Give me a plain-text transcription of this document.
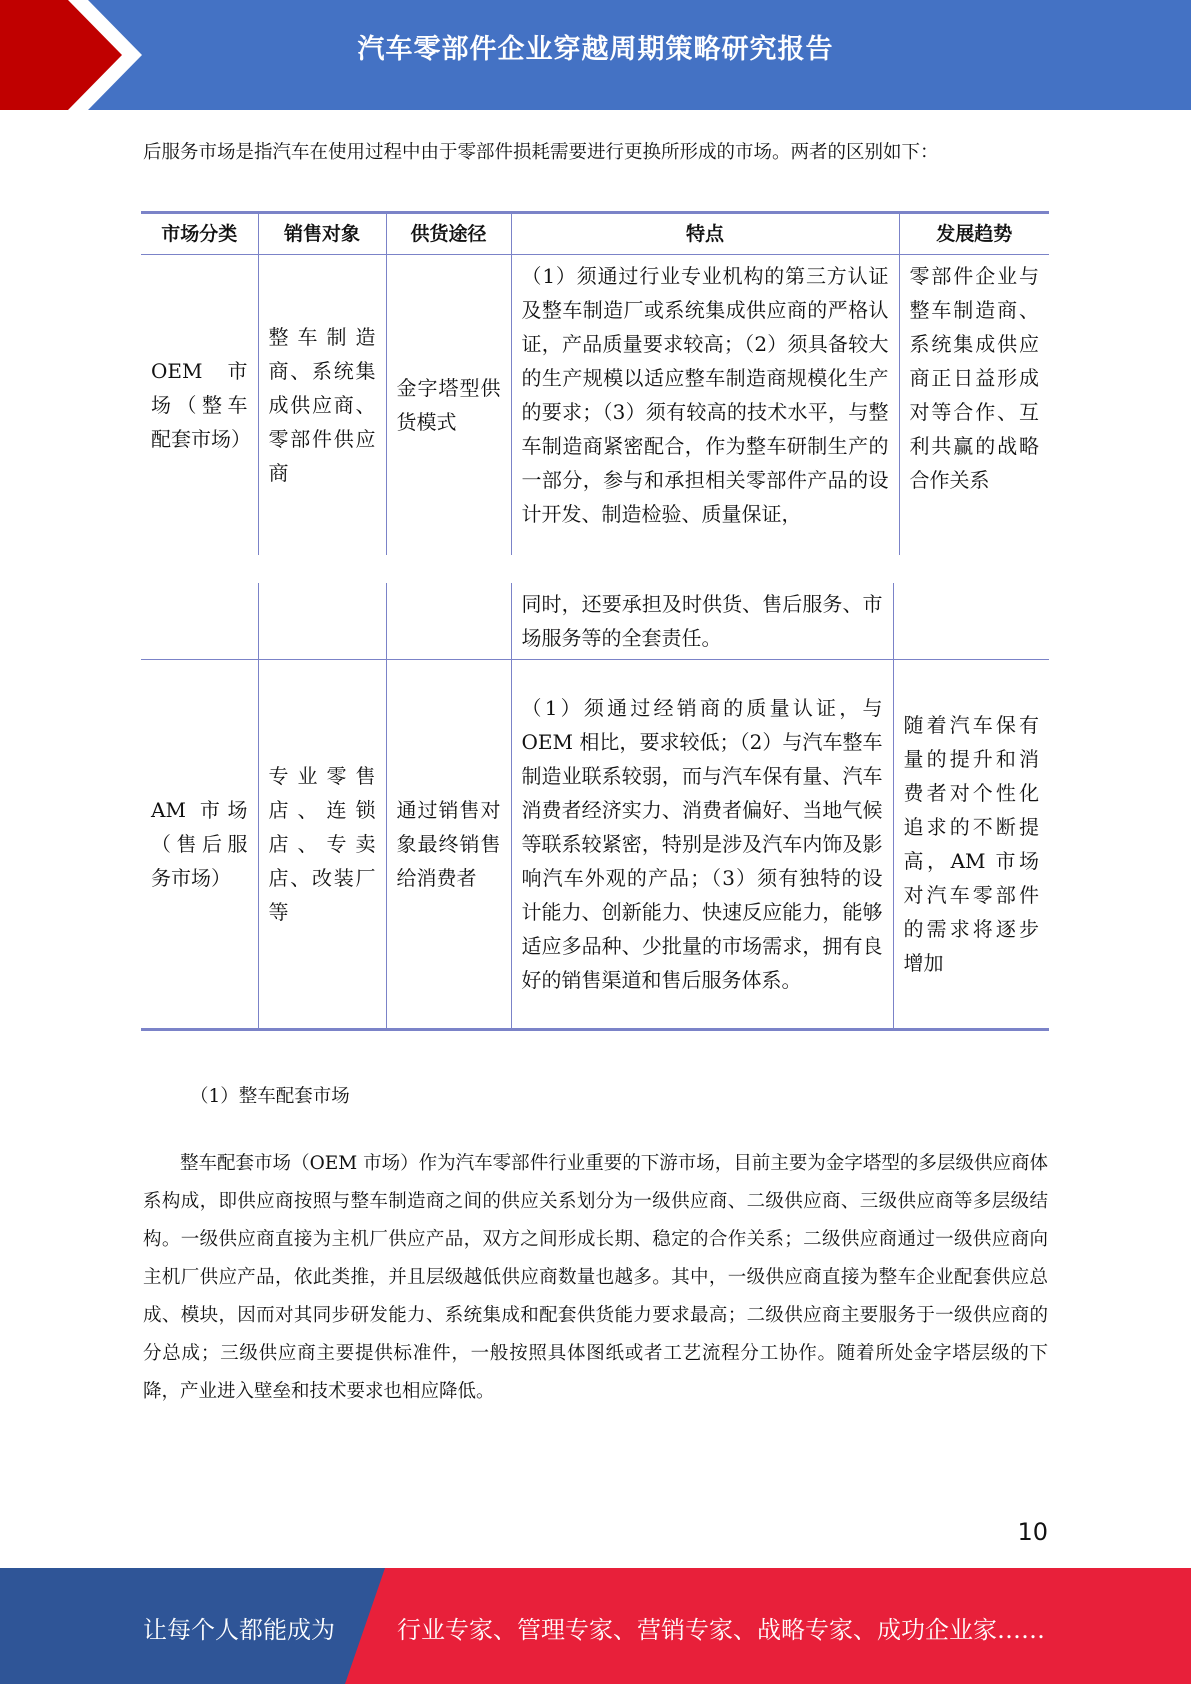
汽车零部件企业穿越周期策略研究报告

后服务市场是指汽车在使用过程中由于零部件损耗需要进行更换所形成的市场。两者的区别如下：

市场分类	销售对象	供货途径	特点	发展趋势
OEM 市场（整车配套市场）	整车制造商、系统集成供应商、零部件供应商	金字塔型供货模式	（1）须通过行业专业机构的第三方认证及整车制造厂或系统集成供应商的严格认证，产品质量要求较高；（2）须具备较大的生产规模以适应整车制造商规模化生产的要求；（3）须有较高的技术水平，与整车制造商紧密配合，作为整车研制生产的一部分，参与和承担相关零部件产品的设计开发、制造检验、质量保证，	零部件企业与整车制造商、系统集成供应商正日益形成对等合作、互利共赢的战略合作关系
			同时，还要承担及时供货、售后服务、市场服务等的全套责任。	
AM 市场（售后服务市场）	专业零售店、连锁店、专卖店、改装厂等	通过销售对象最终销售给消费者	（1）须通过经销商的质量认证，与 OEM 相比，要求较低；（2）与汽车整车制造业联系较弱，而与汽车保有量、汽车消费者经济实力、消费者偏好、当地气候等联系较紧密，特别是涉及汽车内饰及影响汽车外观的产品；（3）须有独特的设计能力、创新能力、快速反应能力，能够适应多品种、少批量的市场需求，拥有良好的销售渠道和售后服务体系。	随着汽车保有量的提升和消费者对个性化追求的不断提高，AM 市场对汽车零部件的需求将逐步增加

（1）整车配套市场

整车配套市场（OEM 市场）作为汽车零部件行业重要的下游市场，目前主要为金字塔型的多层级供应商体系构成，即供应商按照与整车制造商之间的供应关系划分为一级供应商、二级供应商、三级供应商等多层级结构。一级供应商直接为主机厂供应产品，双方之间形成长期、稳定的合作关系；二级供应商通过一级供应商向主机厂供应产品，依此类推，并且层级越低供应商数量也越多。其中，一级供应商直接为整车企业配套供应总成、模块，因而对其同步研发能力、系统集成和配套供货能力要求最高；二级供应商主要服务于一级供应商的分总成；三级供应商主要提供标准件，一般按照具体图纸或者工艺流程分工协作。随着所处金字塔层级的下降，产业进入壁垒和技术要求也相应降低。

10
让每个人都能成为	行业专家、管理专家、营销专家、战略专家、成功企业家……
